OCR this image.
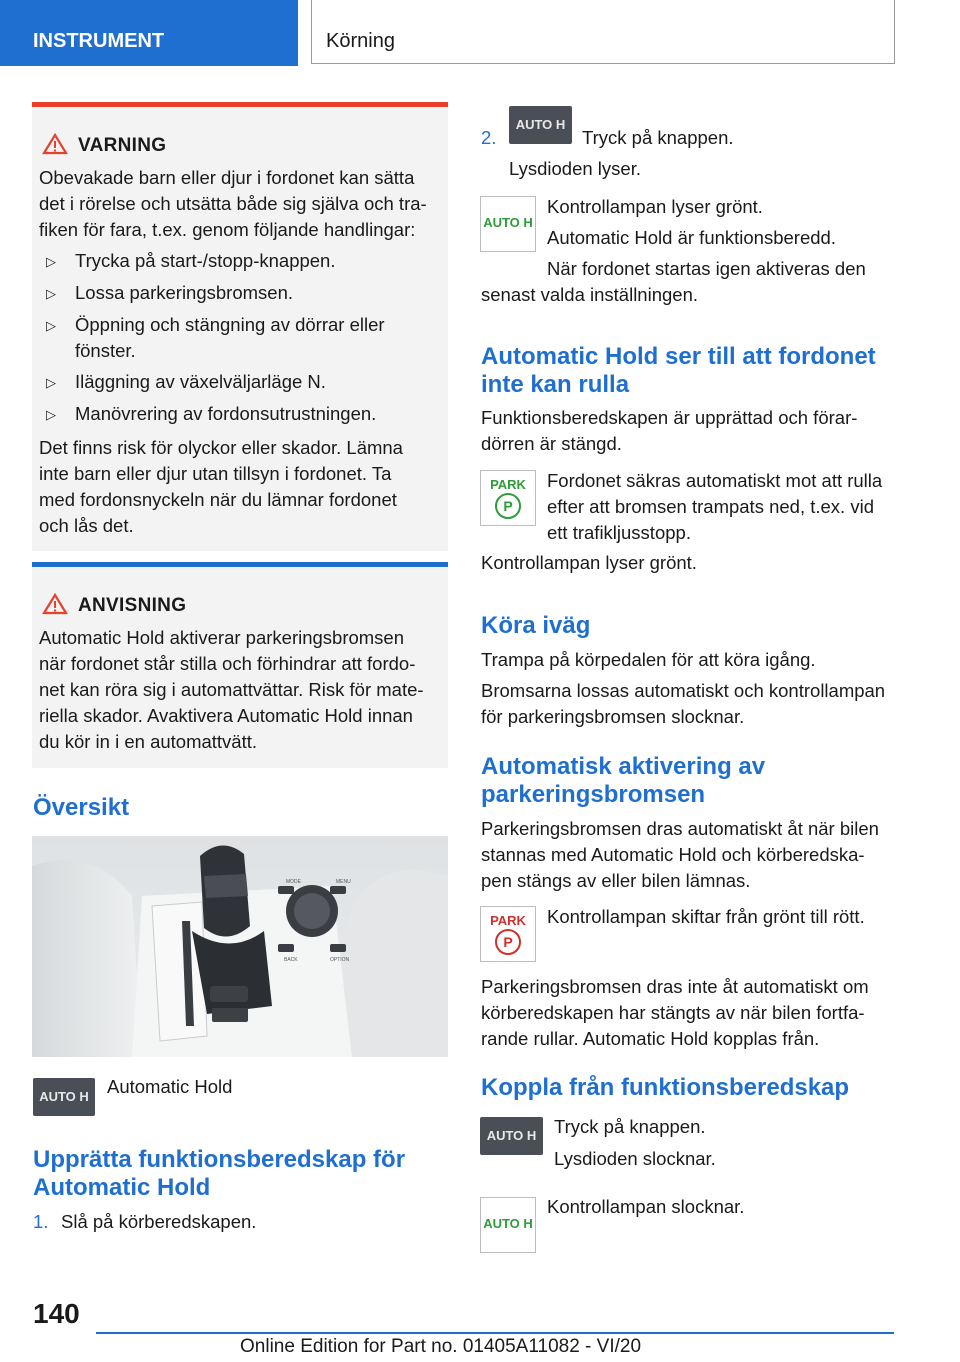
INSTRUMENT	Körning
VARNING
Obevakade barn eller djur i fordonet kan sätta
det i rörelse och utsätta både sig själva och tra-
fiken för fara, t.ex. genom följande handlingar:
▷ Trycka på start-/stopp-knappen.
▷ Lossa parkeringsbromsen.
▷ Öppning och stängning av dörrar eller
fönster.
▷ Iläggning av växelväljarläge N.
▷ Manövrering av fordonsutrustningen.
Det finns risk för olyckor eller skador. Lämna
inte barn eller djur utan tillsyn i fordonet. Ta
med fordonsnyckeln när du lämnar fordonet
och lås det.
ANVISNING
Automatic Hold aktiverar parkeringsbromsen
när fordonet står stilla och förhindrar att fordo-
net kan röra sig i automattvättar. Risk för mate-
riella skador. Avaktivera Automatic Hold innan
du kör in i en automattvätt.
Översikt
MODE	MENU
BACK	OPTION
AUTO H Automatic Hold
Upprätta funktionsberedskap för
Automatic Hold
1. Slå på körberedskapen.
2.
AUTO H
Tryck på knappen.
Lysdioden lyser.
AUTO H
Kontrollampan lyser grönt.
Automatic Hold är funktionsberedd.
När fordonet startas igen aktiveras den
senast valda inställningen.
Automatic Hold ser till att fordonet
inte kan rulla
Funktionsberedskapen är upprättad och förar-
dörren är stängd.
PARK
P
Fordonet säkras automatiskt mot att rulla
efter att bromsen trampats ned, t.ex. vid
ett trafikljusstopp.
Kontrollampan lyser grönt.
Köra iväg
Trampa på körpedalen för att köra igång.
Bromsarna lossas automatiskt och kontrollampan
för parkeringsbromsen slocknar.
Automatisk aktivering av
parkeringsbromsen
Parkeringsbromsen dras automatiskt åt när bilen
stannas med Automatic Hold och körberedska-
pen stängs av eller bilen lämnas.
PARK
P
Kontrollampan skiftar från grönt till rött.
Parkeringsbromsen dras inte åt automatiskt om
körberedskapen har stängts av när bilen fortfa-
rande rullar. Automatic Hold kopplas från.
Koppla från funktionsberedskap
AUTO H Tryck på knappen.
Lysdioden slocknar.
AUTO H
Kontrollampan slocknar.
140
Online Edition for Part no. 01405A11082 - VI/20
